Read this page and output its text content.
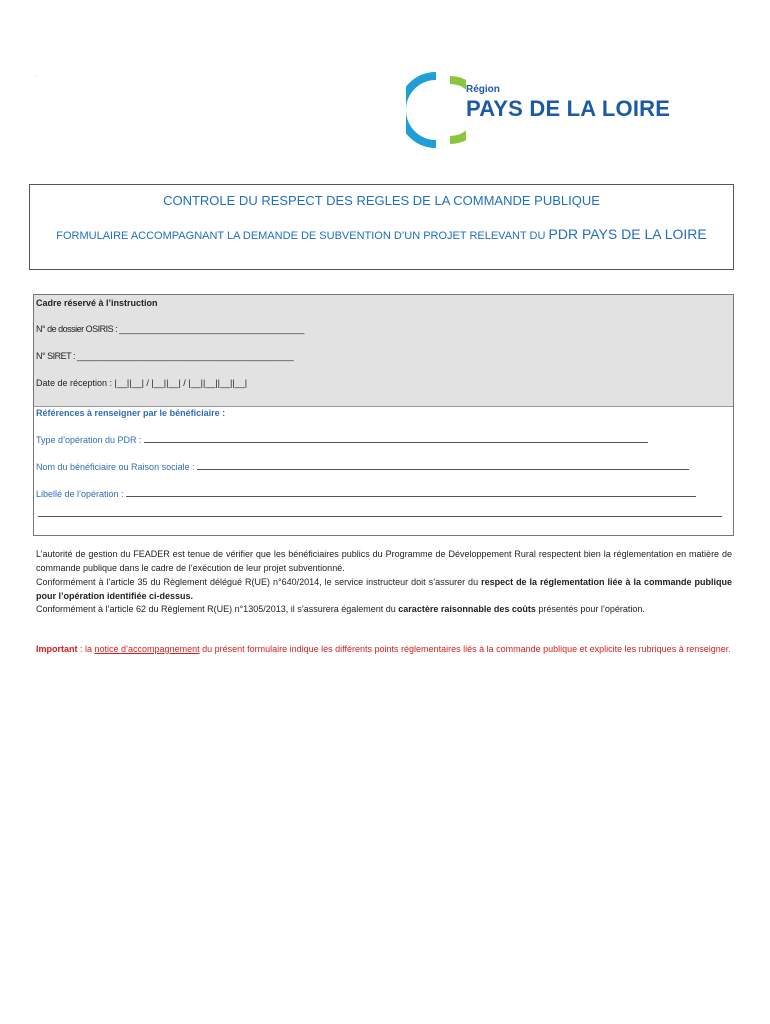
.
Région
PAYS DE LA LOIRE
CONTROLE DU RESPECT DES REGLES DE LA COMMANDE PUBLIQUE
FORMULAIRE ACCOMPAGNANT LA DEMANDE DE SUBVENTION D’UN PROJET RELEVANT DU PDR PAYS DE LA LOIRE
Cadre réservé à l’instruction
N° de dossier OSIRIS : _________________________________________
N° SIRET : ________________________________________________
Date de réception : |__||__| / |__||__| / |__||__||__||__|
Références à renseigner par le bénéficiaire :
Type d’opération du PDR :
Nom du bénéficiaire ou Raison sociale :
Libellé de l’opération :
L’autorité de gestion du FEADER est tenue de vérifier que les bénéficiaires publics du Programme de Développement Rural respectent bien la réglementation en matière de commande publique dans le cadre de l’exécution de leur projet subventionné.
Conformément à l’article 35 du Règlement délégué R(UE) n°640/2014, le service instructeur doit s’assurer du respect de la réglementation liée à la commande publique pour l’opération identifiée ci-dessus.
Conformément à l’article 62 du Règlement R(UE) n°1305/2013, il s’assurera également du caractère raisonnable des coûts présentés pour l’opération.
Important : la notice d’accompagnement du présent formulaire indique les différents points réglementaires liés à la commande publique et explicite les rubriques à renseigner.
